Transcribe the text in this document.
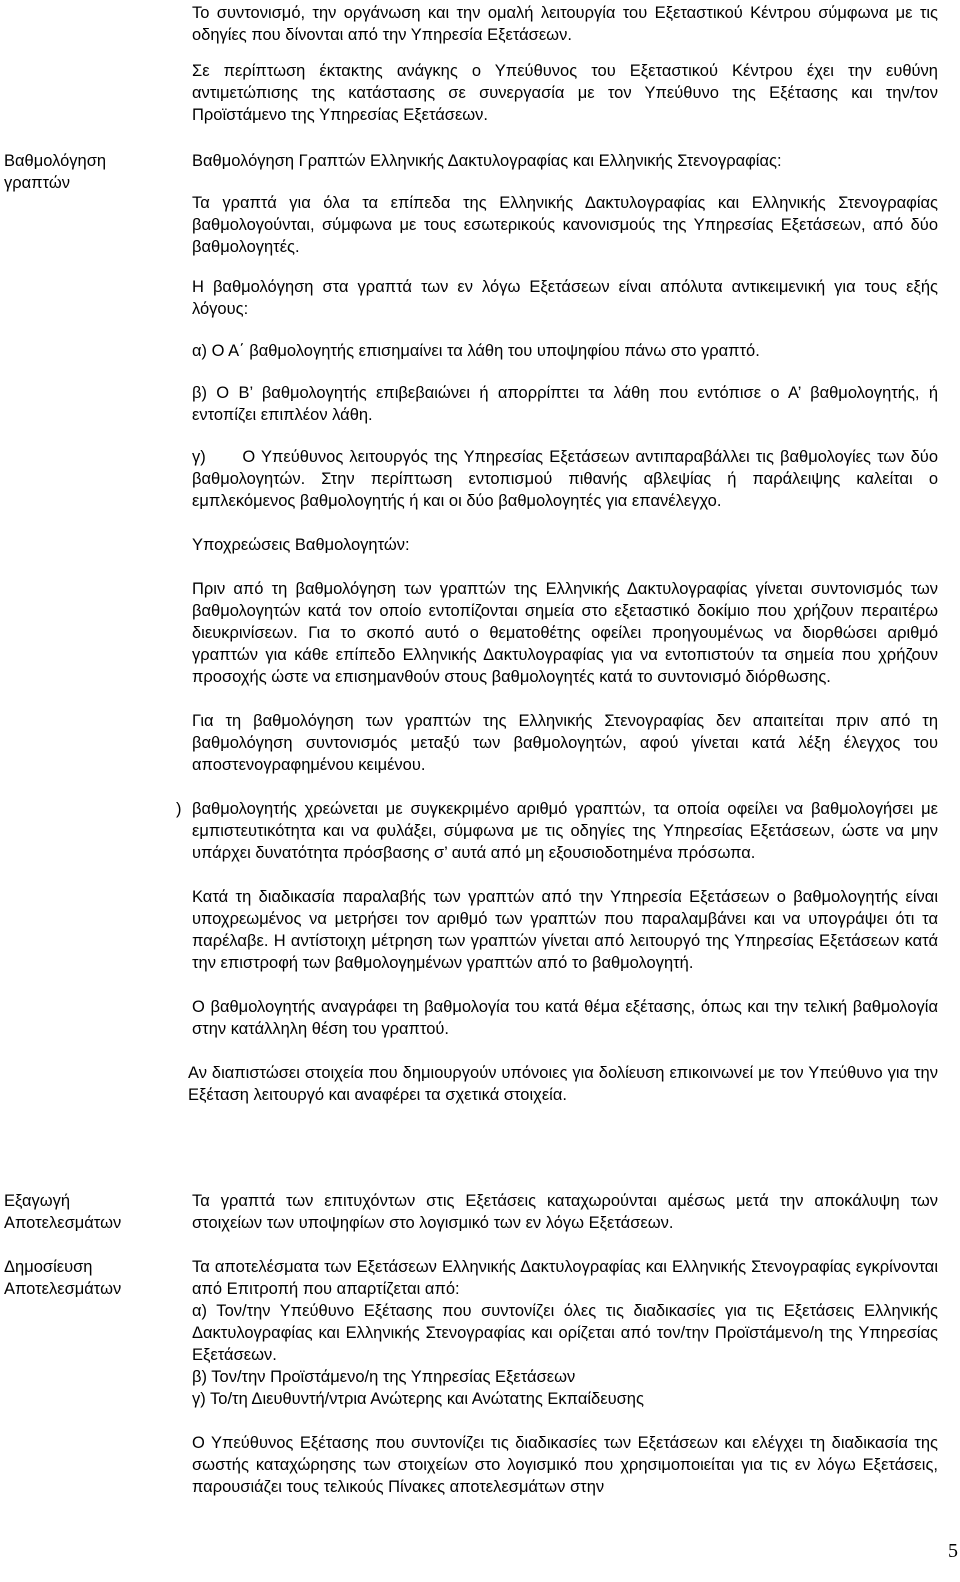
Το συντονισμό, την οργάνωση και την ομαλή λειτουργία του Εξεταστικού Κέντρου σύμφωνα με τις οδηγίες που δίνονται από την Υπηρεσία Εξετάσεων.

Σε περίπτωση έκτακτης ανάγκης ο Υπεύθυνος του Εξεταστικού Κέντρου έχει την ευθύνη αντιμετώπισης της κατάστασης σε συνεργασία με τον Υπεύθυνο της Εξέτασης και την/τον Προϊστάμενο της Υπηρεσίας Εξετάσεων.

Βαθμολόγηση
γραπτών

Βαθμολόγηση Γραπτών Ελληνικής Δακτυλογραφίας και Ελληνικής Στενογραφίας:

Τα γραπτά για όλα τα επίπεδα της Ελληνικής Δακτυλογραφίας και Ελληνικής Στενογραφίας βαθμολογούνται, σύμφωνα με τους εσωτερικούς κανονισμούς της Υπηρεσίας Εξετάσεων, από δύο βαθμολογητές.

Η βαθμολόγηση στα γραπτά των εν λόγω Εξετάσεων είναι απόλυτα αντικειμενική για τους εξής λόγους:

α) Ο Α΄ βαθμολογητής επισημαίνει τα λάθη του υποψηφίου πάνω στο γραπτό.

β) Ο Β’ βαθμολογητής επιβεβαιώνει ή απορρίπτει τα λάθη που εντόπισε ο Α’ βαθμολογητής, ή εντοπίζει επιπλέον λάθη.

γ)      Ο Υπεύθυνος λειτουργός της Υπηρεσίας Εξετάσεων αντιπαραβάλλει τις βαθμολογίες των δύο βαθμολογητών. Στην περίπτωση εντοπισμού πιθανής αβλεψίας ή παράλειψης καλείται ο εμπλεκόμενος βαθμολογητής ή και οι δύο βαθμολογητές για επανέλεγχο.

Υποχρεώσεις Βαθμολογητών:

Πριν από τη βαθμολόγηση των γραπτών της Ελληνικής Δακτυλογραφίας γίνεται συντονισμός των βαθμολογητών κατά τον οποίο εντοπίζονται σημεία στο εξεταστικό δοκίμιο που χρήζουν περαιτέρω διευκρινίσεων. Για το σκοπό αυτό ο θεματοθέτης οφείλει προηγουμένως να διορθώσει αριθμό γραπτών για κάθε επίπεδο Ελληνικής Δακτυλογραφίας για να εντοπιστούν τα σημεία που χρήζουν προσοχής ώστε να επισημανθούν στους βαθμολογητές κατά το συντονισμό διόρθωσης.

Για τη βαθμολόγηση των γραπτών της Ελληνικής Στενογραφίας δεν απαιτείται πριν από τη βαθμολόγηση συντονισμός μεταξύ των βαθμολογητών, αφού γίνεται κατά λέξη έλεγχος του αποστενογραφημένου κειμένου.

) βαθμολογητής χρεώνεται με συγκεκριμένο αριθμό γραπτών, τα οποία οφείλει να βαθμολογήσει με εμπιστευτικότητα και να φυλάξει, σύμφωνα με τις οδηγίες της Υπηρεσίας Εξετάσεων, ώστε να μην υπάρχει δυνατότητα πρόσβασης σ’ αυτά από μη εξουσιοδοτημένα πρόσωπα.

Κατά τη διαδικασία παραλαβής των γραπτών από την Υπηρεσία Εξετάσεων ο βαθμολογητής είναι υποχρεωμένος να μετρήσει τον αριθμό των γραπτών που παραλαμβάνει και να υπογράψει ότι τα παρέλαβε. Η αντίστοιχη μέτρηση των γραπτών γίνεται από λειτουργό της Υπηρεσίας Εξετάσεων κατά την επιστροφή των βαθμολογημένων γραπτών από το βαθμολογητή.

Ο βαθμολογητής αναγράφει τη βαθμολογία του κατά θέμα εξέτασης, όπως και την τελική βαθμολογία στην κατάλληλη θέση του γραπτού.

Αν διαπιστώσει στοιχεία που δημιουργούν υπόνοιες για δολίευση επικοινωνεί με τον Υπεύθυνο για την Εξέταση λειτουργό και αναφέρει τα σχετικά στοιχεία.

Εξαγωγή
Αποτελεσμάτων
Δημοσίευση
Αποτελεσμάτων

Τα γραπτά των επιτυχόντων στις Εξετάσεις καταχωρούνται αμέσως μετά την αποκάλυψη των στοιχείων των υποψηφίων στο λογισμικό των εν λόγω Εξετάσεων.

Τα αποτελέσματα των Εξετάσεων Ελληνικής Δακτυλογραφίας και Ελληνικής Στενογραφίας εγκρίνονται από Επιτροπή που απαρτίζεται από:
α) Τον/την Υπεύθυνο Εξέτασης που συντονίζει όλες τις διαδικασίες για τις Εξετάσεις Ελληνικής Δακτυλογραφίας και Ελληνικής Στενογραφίας και ορίζεται από τον/την Προϊστάμενο/η της Υπηρεσίας Εξετάσεων.
β) Τον/την Προϊστάμενο/η της Υπηρεσίας Εξετάσεων
γ) Το/τη Διευθυντή/ντρια Ανώτερης και Ανώτατης Εκπαίδευσης

Ο Υπεύθυνος Εξέτασης που συντονίζει τις διαδικασίες των Εξετάσεων και ελέγχει τη διαδικασία της σωστής καταχώρησης των στοιχείων στο λογισμικό που χρησιμοποιείται για τις εν λόγω Εξετάσεις, παρουσιάζει τους τελικούς Πίνακες αποτελεσμάτων στην

5
